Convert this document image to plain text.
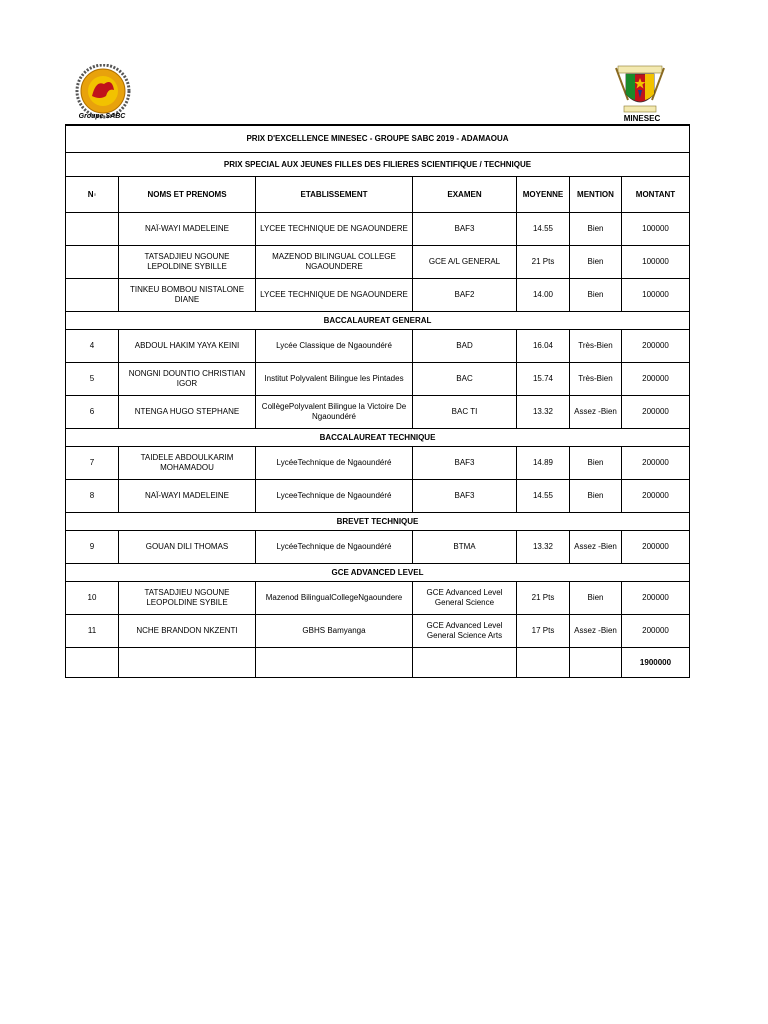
Groupe SABC	MINESEC
PRIX D'EXCELLENCE MINESEC - GROUPE SABC 2019 - ADAMAOUA						
PRIX SPECIAL AUX JEUNES FILLES DES FILIERES SCIENTIFIQUE / TECHNIQUE						
N◦	NOMS ET PRENOMS	ETABLISSEMENT	EXAMEN	MOYENNE	MENTION	MONTANT
	NAÏ-WAYI MADELEINE	LYCEE TECHNIQUE DE NGAOUNDERE	BAF3	14.55	Bien	100000
	TATSADJIEU NGOUNE LEPOLDINE SYBILLE	MAZENOD BILINGUAL COLLEGE NGAOUNDERE	GCE A/L GENERAL	21 Pts	Bien	100000
	TINKEU BOMBOU NISTALONE DIANE	LYCEE TECHNIQUE DE NGAOUNDERE	BAF2	14.00	Bien	100000
BACCALAUREAT GENERAL						
4	ABDOUL HAKIM YAYA KEINI	Lycée Classique de Ngaoundéré	BAD	16.04	Très-Bien	200000
5	NONGNI DOUNTIO CHRISTIAN IGOR	Institut Polyvalent Bilingue les Pintades	BAC	15.74	Très-Bien	200000
6	NTENGA HUGO STEPHANE	CollègePolyvalent Bilingue la Victoire De Ngaoundéré	BAC TI	13.32	Assez -Bien	200000
BACCALAUREAT TECHNIQUE						
7	TAIDELE ABDOULKARIM MOHAMADOU	LycéeTechnique de Ngaoundéré	BAF3	14.89	Bien	200000
8	NAÏ-WAYI MADELEINE	LyceeTechnique de Ngaoundéré	BAF3	14.55	Bien	200000
BREVET TECHNIQUE						
9	GOUAN DILI THOMAS	LycéeTechnique de Ngaoundéré	BTMA	13.32	Assez -Bien	200000
GCE ADVANCED LEVEL						
10	TATSADJIEU NGOUNE LEOPOLDINE SYBILE	Mazenod BilingualCollegeNgaoundere	GCE Advanced Level General Science	21 Pts	Bien	200000
11	NCHE BRANDON NKZENTI	GBHS Bamyanga	GCE Advanced Level General Science Arts	17 Pts	Assez -Bien	200000
						1900000
